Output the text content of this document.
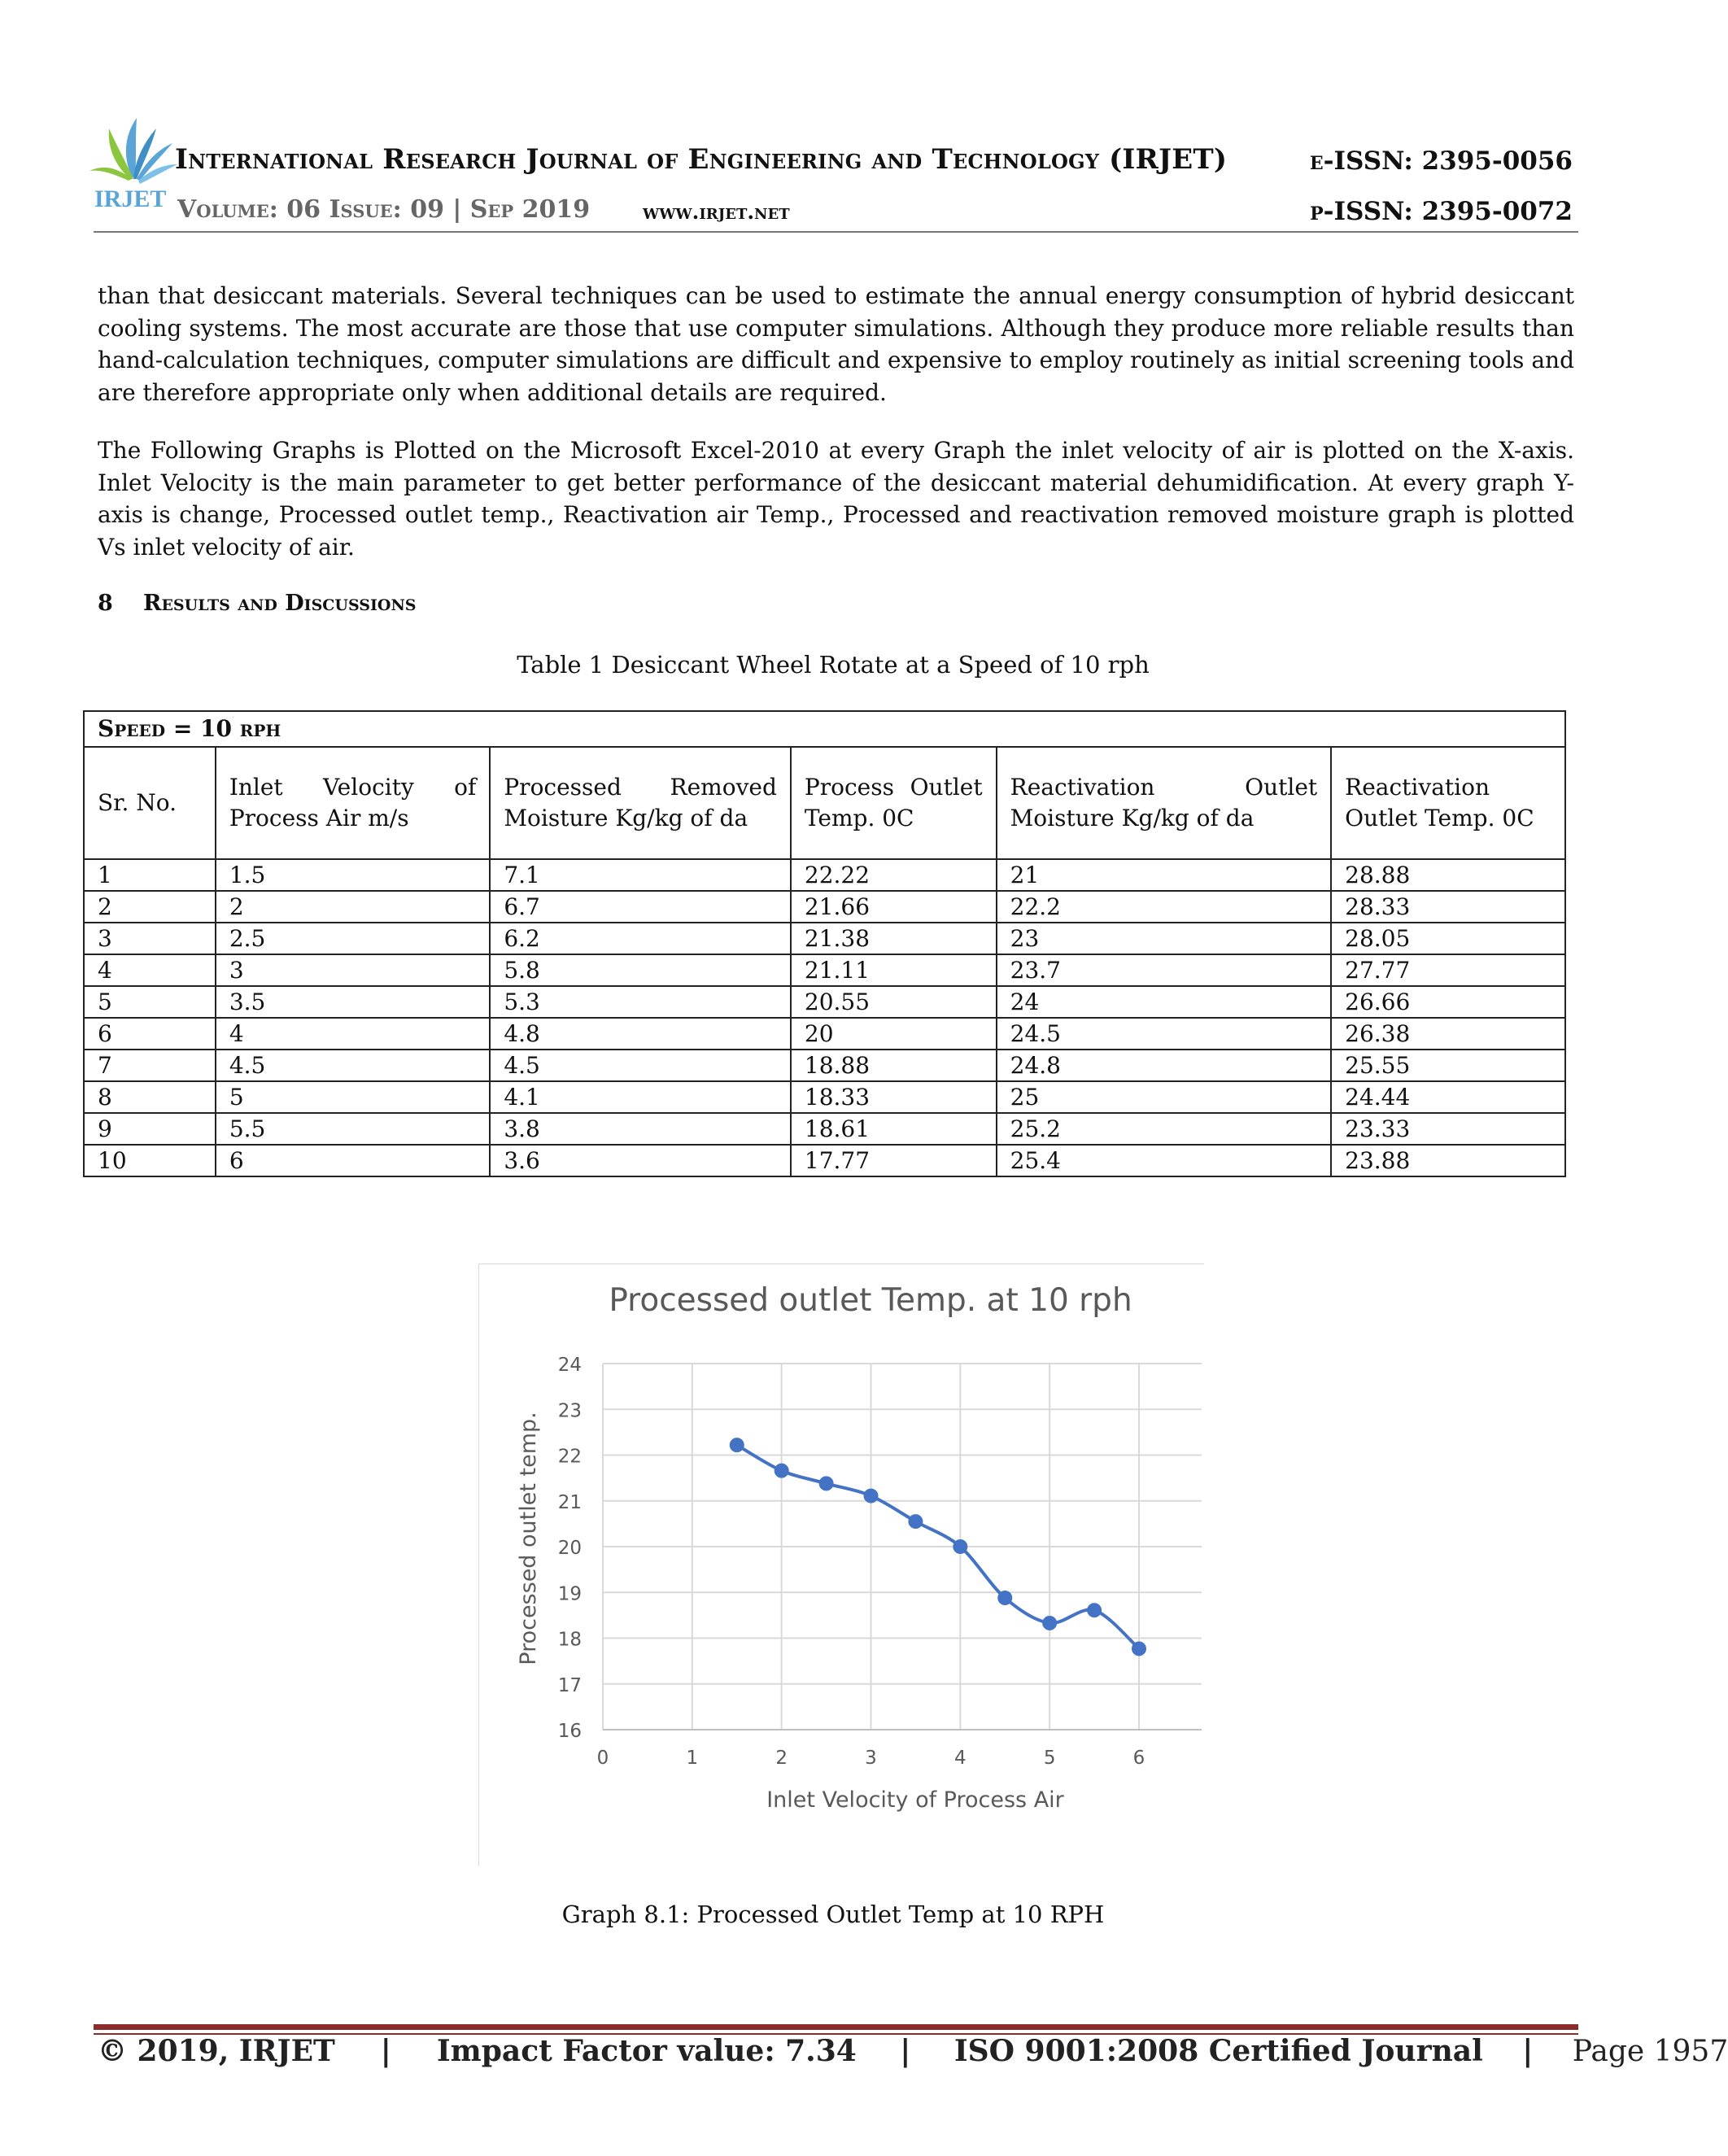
IRJET
International Research Journal of Engineering and Technology (IRJET)
Volume: 06 Issue: 09 | Sep 2019	www.irjet.net
e-ISSN: 2395-0056
p-ISSN: 2395-0072

than that desiccant materials. Several techniques can be used to estimate the annual energy consumption of hybrid desiccant cooling systems. The most accurate are those that use computer simulations. Although they produce more reliable results than hand-calculation techniques, computer simulations are difficult and expensive to employ routinely as initial screening tools and are therefore appropriate only when additional details are required.

The Following Graphs is Plotted on the Microsoft Excel-2010 at every Graph the inlet velocity of air is plotted on the X-axis. Inlet Velocity is the main parameter to get better performance of the desiccant material dehumidification. At every graph Y-axis is change, Processed outlet temp., Reactivation air Temp., Processed and reactivation removed moisture graph is plotted Vs inlet velocity of air.

8 Results and Discussions
Table 1 Desiccant Wheel Rotate at a Speed of 10 rph
Speed = 10 rph					
Sr. No.	Inlet Velocity of Process Air m/s	Processed Removed Moisture Kg/kg of da	Process Outlet Temp. 0C	Reactivation Outlet Moisture Kg/kg of da	Reactivation Outlet Temp. 0C
1	1.5	7.1	22.22	21	28.88
2	2	6.7	21.66	22.2	28.33
3	2.5	6.2	21.38	23	28.05
4	3	5.8	21.11	23.7	27.77
5	3.5	5.3	20.55	24	26.66
6	4	4.8	20	24.5	26.38
7	4.5	4.5	18.88	24.8	25.55
8	5	4.1	18.33	25	24.44
9	5.5	3.8	18.61	25.2	23.33
10	6	3.6	17.77	25.4	23.88
Processed outlet Temp. at 10 rph
16
17
18
19
20
21
22
23
24
0	1	2	3	4	5	6
Inlet Velocity of Process Air
Processed outlet temp.
Graph 8.1: Processed Outlet Temp at 10 RPH
© 2019, IRJET | Impact Factor value: 7.34 | ISO 9001:2008 Certified Journal | Page 1957
